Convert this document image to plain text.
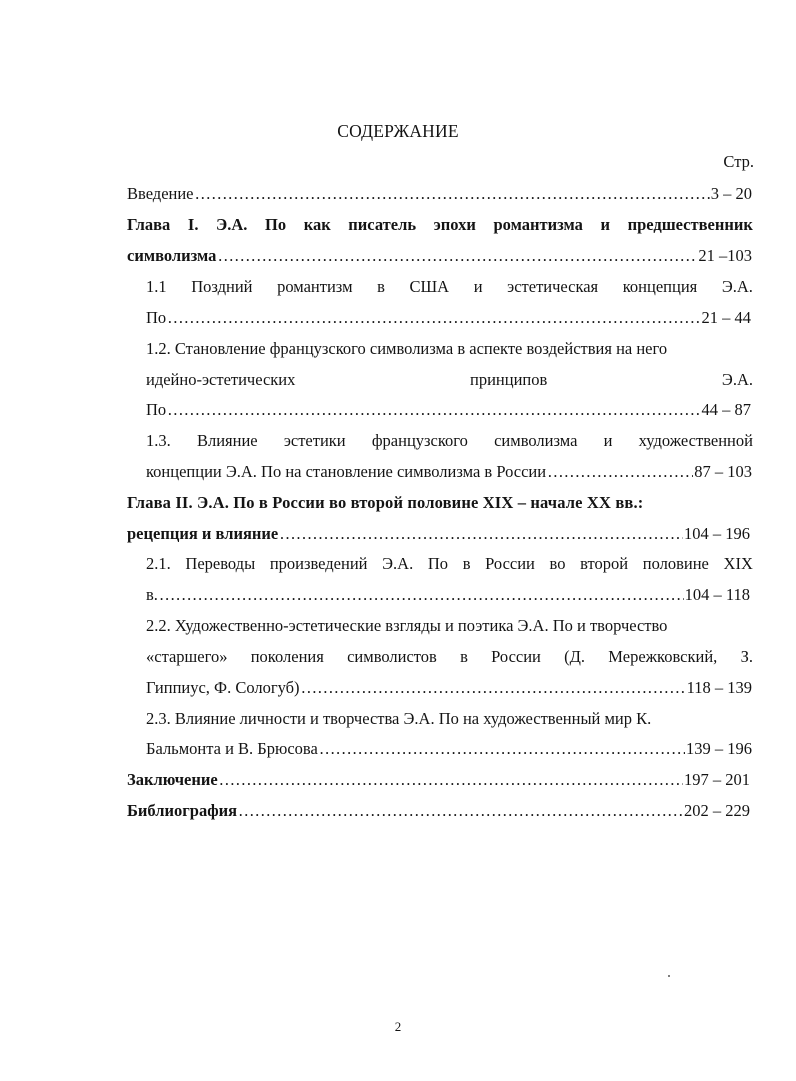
СОДЕРЖАНИЕ
Стр.
Введение ……………………………………………………………………………………………………………………………………………………………………………………	3 – 20
Глава I. Э.А. По как писатель эпохи романтизма и предшественник
символизма ……………………………………………………………………………………………………………………………………………………………………………………	21 –103
1.1 Поздний романтизм в США и эстетическая концепция Э.А.
По ……………………………………………………………………………………………………………………………………………………………………………………	21 – 44
1.2. Становление французского символизма в аспекте воздействия на него
идейно-эстетических	принципов	Э.А.
По ……………………………………………………………………………………………………………………………………………………………………………………	44 – 87
1.3. Влияние эстетики французского символизма и художественной
концепции Э.А. По на становление символизма в России ……………………………………………………………………………………………………………………………………………………………………………………	87 – 103
Глава II. Э.А. По в России во второй половине XIX – начале XX вв.:
рецепция и влияние ……………………………………………………………………………………………………………………………………………………………………………………	104 – 196
2.1. Переводы произведений Э.А. По в России во второй половине XIX
в. ……………………………………………………………………………………………………………………………………………………………………………………	104 – 118
2.2. Художественно-эстетические взгляды и поэтика Э.А. По и творчество
«старшего» поколения символистов в России (Д. Мережковский, З.
Гиппиус, Ф. Сологуб) ……………………………………………………………………………………………………………………………………………………………………………………	118 – 139
2.3. Влияние личности и творчества Э.А. По на художественный мир К.
Бальмонта и В. Брюсова ……………………………………………………………………………………………………………………………………………………………………………………	139 – 196
Заключение ……………………………………………………………………………………………………………………………………………………………………………………	197 – 201
Библиография ……………………………………………………………………………………………………………………………………………………………………………………	202 – 229
2
